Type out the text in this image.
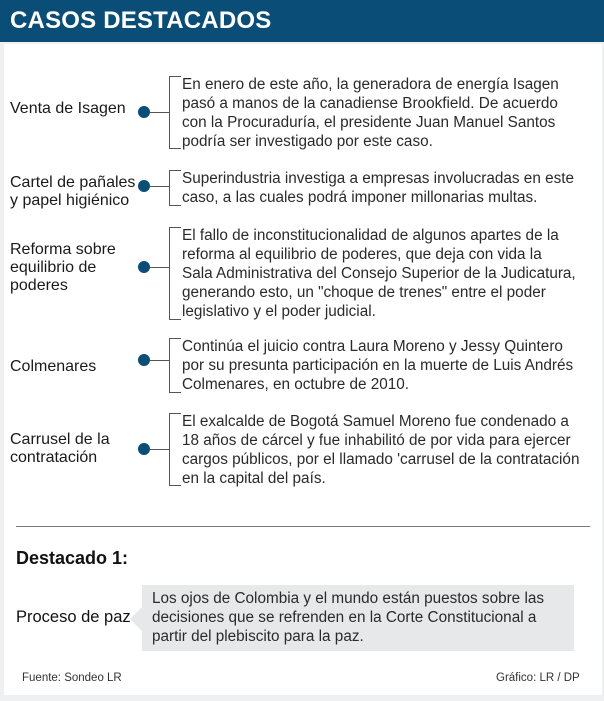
CASOS DESTACADOS
Venta de Isagen
En enero de este año, la generadora de energía Isagen
pasó a manos de la canadiense Brookfield. De acuerdo
con la Procuraduría, el presidente Juan Manuel Santos
podría ser investigado por este caso.
Cartel de pañales
y papel higiénico
Superindustria investiga a empresas involucradas en este
caso, a las cuales podrá imponer millonarias multas.
Reforma sobre
equilibrio de
poderes
El fallo de inconstitucionalidad de algunos apartes de la
reforma al equilibrio de poderes, que deja con vida la
Sala Administrativa del Consejo Superior de la Judicatura,
generando esto, un "choque de trenes" entre el poder
legislativo y el poder judicial.
Colmenares
Continúa el juicio contra Laura Moreno y Jessy Quintero
por su presunta participación en la muerte de Luis Andrés
Colmenares, en octubre de 2010.
Carrusel de la
contratación
El exalcalde de Bogotá Samuel Moreno fue condenado a
18 años de cárcel y fue inhabilitó de por vida para ejercer
cargos públicos, por el llamado 'carrusel de la contratación
en la capital del país.
Destacado 1:
Proceso de paz
Los ojos de Colombia y el mundo están puestos sobre las
decisiones que se refrenden en la Corte Constitucional a
partir del plebiscito para la paz.
Fuente: Sondeo LR	Gráfico: LR / DP
